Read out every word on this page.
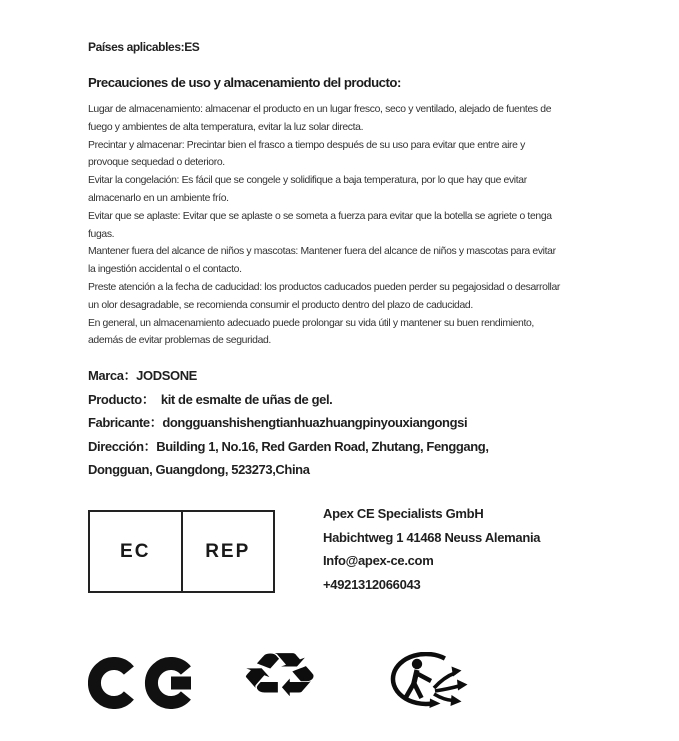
Países aplicables:ES
Precauciones de uso y almacenamiento del producto:
Lugar de almacenamiento: almacenar el producto en un lugar fresco, seco y ventilado, alejado de fuentes de
fuego y ambientes de alta temperatura, evitar la luz solar directa.
Precintar y almacenar: Precintar bien el frasco a tiempo después de su uso para evitar que entre aire y
provoque sequedad o deterioro.
Evitar la congelación: Es fácil que se congele y solidifique a baja temperatura, por lo que hay que evitar
almacenarlo en un ambiente frío.
Evitar que se aplaste: Evitar que se aplaste o se someta a fuerza para evitar que la botella se agriete o tenga
fugas.
Mantener fuera del alcance de niños y mascotas: Mantener fuera del alcance de niños y mascotas para evitar
la ingestión accidental o el contacto.
Preste atención a la fecha de caducidad: los productos caducados pueden perder su pegajosidad o desarrollar
un olor desagradable, se recomienda consumir el producto dentro del plazo de caducidad.
En general, un almacenamiento adecuado puede prolongar su vida útil y mantener su buen rendimiento,
además de evitar problemas de seguridad.
Marca：JODSONE
Producto：  kit de esmalte de uñas de gel.
Fabricante：dongguanshishengtianhuazhuangpinyouxiangongsi
Dirección：Building 1, No.16, Red Garden Road, Zhutang, Fenggang,
Dongguan, Guangdong, 523273,China
EC	REP
Apex CE Specialists GmbH
Habichtweg 1 41468 Neuss Alemania
Info@apex-ce.com
+4921312066043
♻
